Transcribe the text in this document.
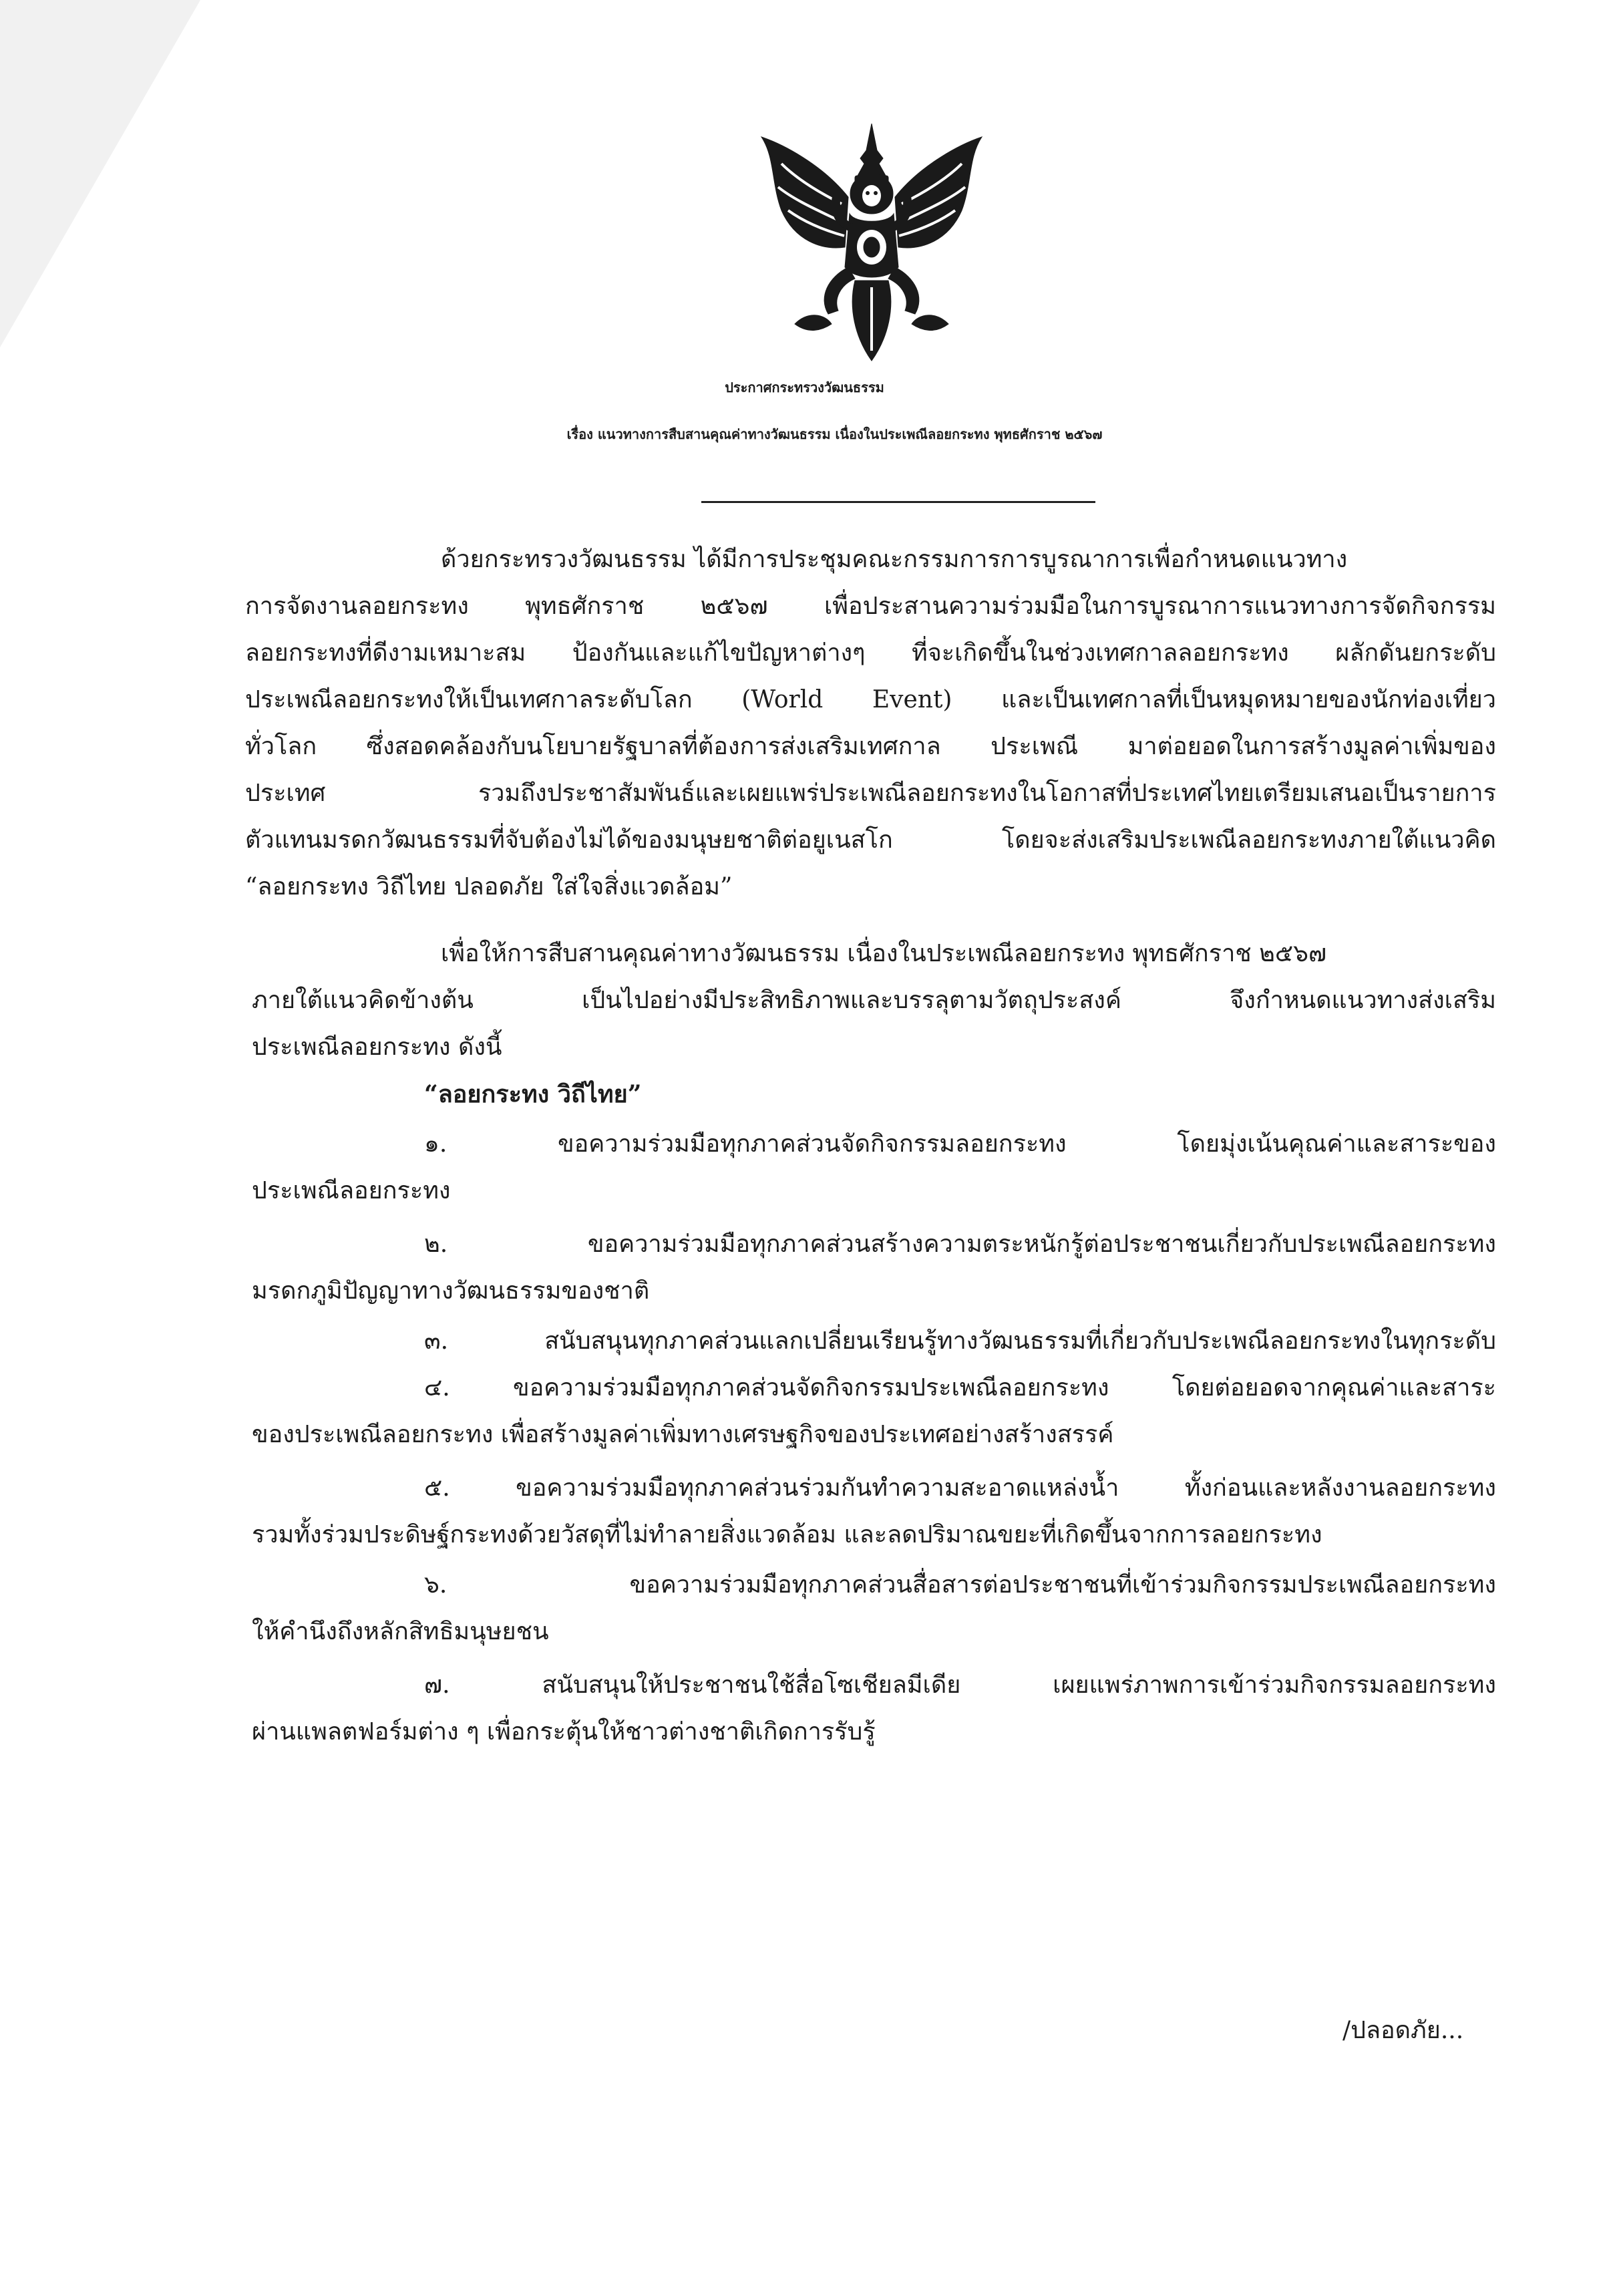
ประกาศกระทรวงวัฒนธรรม
เรื่อง แนวทางการสืบสานคุณค่าทางวัฒนธรรม เนื่องในประเพณีลอยกระทง พุทธศักราช ๒๕๖๗
ด้วยกระทรวงวัฒนธรรม ได้มีการประชุมคณะกรรมการการบูรณาการเพื่อกำหนดแนวทาง
การจัดงานลอยกระทง พุทธศักราช ๒๕๖๗ เพื่อประสานความร่วมมือในการบูรณาการแนวทางการจัดกิจกรรม
ลอยกระทงที่ดีงามเหมาะสม ป้องกันและแก้ไขปัญหาต่างๆ ที่จะเกิดขึ้นในช่วงเทศกาลลอยกระทง ผลักดันยกระดับ
ประเพณีลอยกระทงให้เป็นเทศกาลระดับโลก (World Event) และเป็นเทศกาลที่เป็นหมุดหมายของนักท่องเที่ยว
ทั่วโลก ซึ่งสอดคล้องกับนโยบายรัฐบาลที่ต้องการส่งเสริมเทศกาล ประเพณี มาต่อยอดในการสร้างมูลค่าเพิ่มของ
ประเทศ รวมถึงประชาสัมพันธ์และเผยแพร่ประเพณีลอยกระทงในโอกาสที่ประเทศไทยเตรียมเสนอเป็นรายการ
ตัวแทนมรดกวัฒนธรรมที่จับต้องไม่ได้ของมนุษยชาติต่อยูเนสโก โดยจะส่งเสริมประเพณีลอยกระทงภายใต้แนวคิด
“ลอยกระทง วิถีไทย ปลอดภัย ใส่ใจสิ่งแวดล้อม”
เพื่อให้การสืบสานคุณค่าทางวัฒนธรรม เนื่องในประเพณีลอยกระทง พุทธศักราช ๒๕๖๗
ภายใต้แนวคิดข้างต้น เป็นไปอย่างมีประสิทธิภาพและบรรลุตามวัตถุประสงค์ จึงกำหนดแนวทางส่งเสริม
ประเพณีลอยกระทง ดังนี้
“ลอยกระทง วิถีไทย”
๑. ขอความร่วมมือทุกภาคส่วนจัดกิจกรรมลอยกระทง โดยมุ่งเน้นคุณค่าและสาระของ
ประเพณีลอยกระทง
๒. ขอความร่วมมือทุกภาคส่วนสร้างความตระหนักรู้ต่อประชาชนเกี่ยวกับประเพณีลอยกระทง
มรดกภูมิปัญญาทางวัฒนธรรมของชาติ
๓. สนับสนุนทุกภาคส่วนแลกเปลี่ยนเรียนรู้ทางวัฒนธรรมที่เกี่ยวกับประเพณีลอยกระทงในทุกระดับ
๔. ขอความร่วมมือทุกภาคส่วนจัดกิจกรรมประเพณีลอยกระทง โดยต่อยอดจากคุณค่าและสาระ
ของประเพณีลอยกระทง เพื่อสร้างมูลค่าเพิ่มทางเศรษฐกิจของประเทศอย่างสร้างสรรค์
๕. ขอความร่วมมือทุกภาคส่วนร่วมกันทำความสะอาดแหล่งน้ำ ทั้งก่อนและหลังงานลอยกระทง
รวมทั้งร่วมประดิษฐ์กระทงด้วยวัสดุที่ไม่ทำลายสิ่งแวดล้อม และลดปริมาณขยะที่เกิดขึ้นจากการลอยกระทง
๖. ขอความร่วมมือทุกภาคส่วนสื่อสารต่อประชาชนที่เข้าร่วมกิจกรรมประเพณีลอยกระทง
ให้คำนึงถึงหลักสิทธิมนุษยชน
๗. สนับสนุนให้ประชาชนใช้สื่อโซเชียลมีเดีย เผยแพร่ภาพการเข้าร่วมกิจกรรมลอยกระทง
ผ่านแพลตฟอร์มต่าง ๆ เพื่อกระตุ้นให้ชาวต่างชาติเกิดการรับรู้
/ปลอดภัย...
